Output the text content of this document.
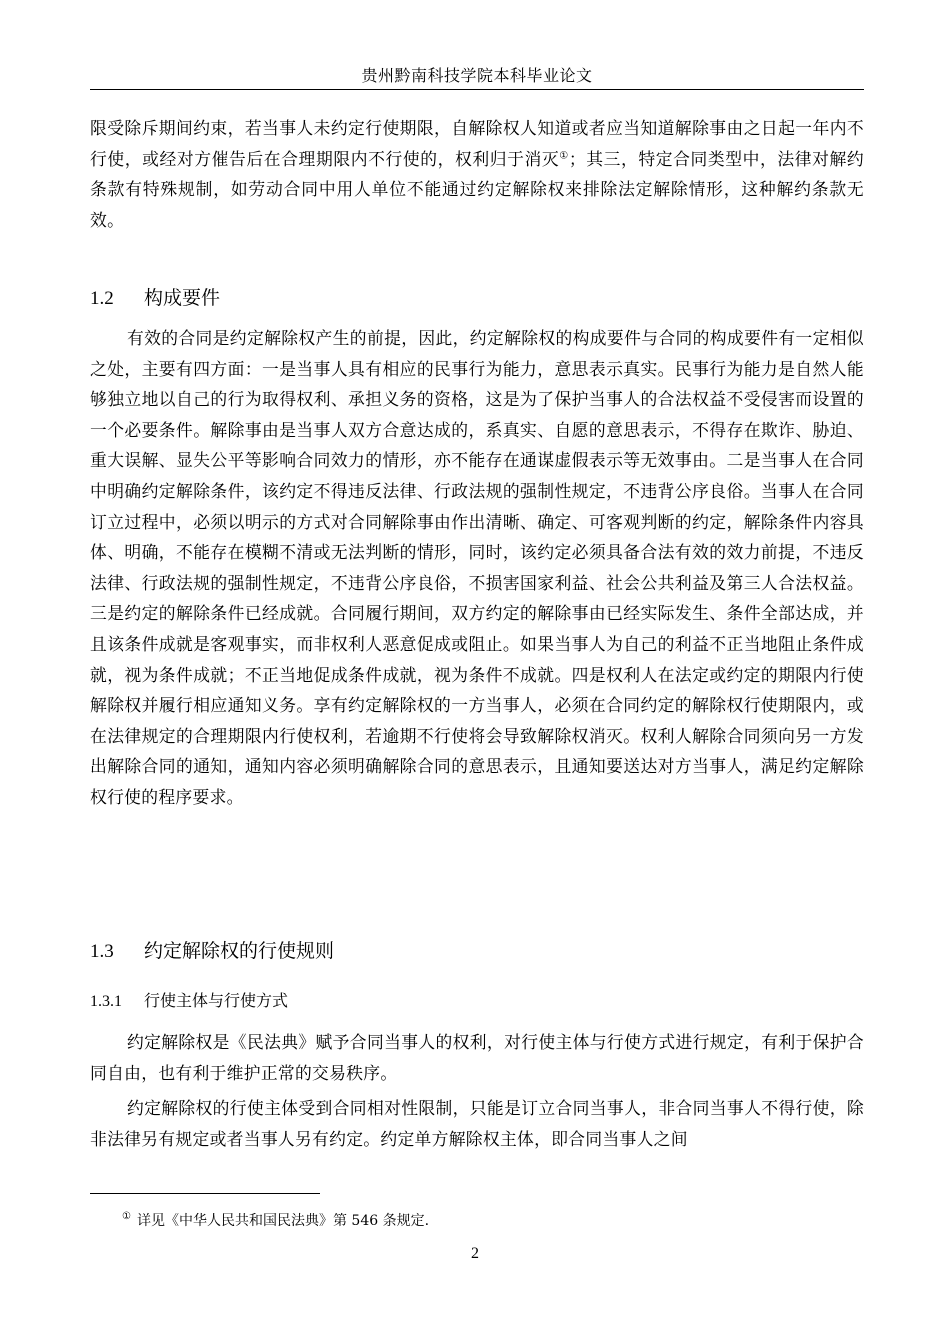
贵州黔南科技学院本科毕业论文
限受除斥期间约束，若当事人未约定行使期限，自解除权人知道或者应当知道解除事由之日起一年内不行使，或经对方催告后在合理期限内不行使的，权利归于消灭①；其三，特定合同类型中，法律对解约条款有特殊规制，如劳动合同中用人单位不能通过约定解除权来排除法定解除情形，这种解约条款无效。
1.2 构成要件
有效的合同是约定解除权产生的前提，因此，约定解除权的构成要件与合同的构成要件有一定相似之处，主要有四方面：一是当事人具有相应的民事行为能力，意思表示真实。民事行为能力是自然人能够独立地以自己的行为取得权利、承担义务的资格，这是为了保护当事人的合法权益不受侵害而设置的一个必要条件。解除事由是当事人双方合意达成的，系真实、自愿的意思表示，不得存在欺诈、胁迫、重大误解、显失公平等影响合同效力的情形，亦不能存在通谋虚假表示等无效事由。二是当事人在合同中明确约定解除条件，该约定不得违反法律、行政法规的强制性规定，不违背公序良俗。当事人在合同订立过程中，必须以明示的方式对合同解除事由作出清晰、确定、可客观判断的约定，解除条件内容具体、明确，不能存在模糊不清或无法判断的情形，同时，该约定必须具备合法有效的效力前提，不违反法律、行政法规的强制性规定，不违背公序良俗，不损害国家利益、社会公共利益及第三人合法权益。三是约定的解除条件已经成就。合同履行期间，双方约定的解除事由已经实际发生、条件全部达成，并且该条件成就是客观事实，而非权利人恶意促成或阻止。如果当事人为自己的利益不正当地阻止条件成就，视为条件成就；不正当地促成条件成就，视为条件不成就。四是权利人在法定或约定的期限内行使解除权并履行相应通知义务。享有约定解除权的一方当事人，必须在合同约定的解除权行使期限内，或在法律规定的合理期限内行使权利，若逾期不行使将会导致解除权消灭。权利人解除合同须向另一方发出解除合同的通知，通知内容必须明确解除合同的意思表示，且通知要送达对方当事人，满足约定解除权行使的程序要求。
1.3 约定解除权的行使规则
1.3.1 行使主体与行使方式
约定解除权是《民法典》赋予合同当事人的权利，对行使主体与行使方式进行规定，有利于保护合同自由，也有利于维护正常的交易秩序。
约定解除权的行使主体受到合同相对性限制，只能是订立合同当事人，非合同当事人不得行使，除非法律另有规定或者当事人另有约定。约定单方解除权主体，即合同当事人之间
① 详见《中华人民共和国民法典》第 546 条规定.
2
